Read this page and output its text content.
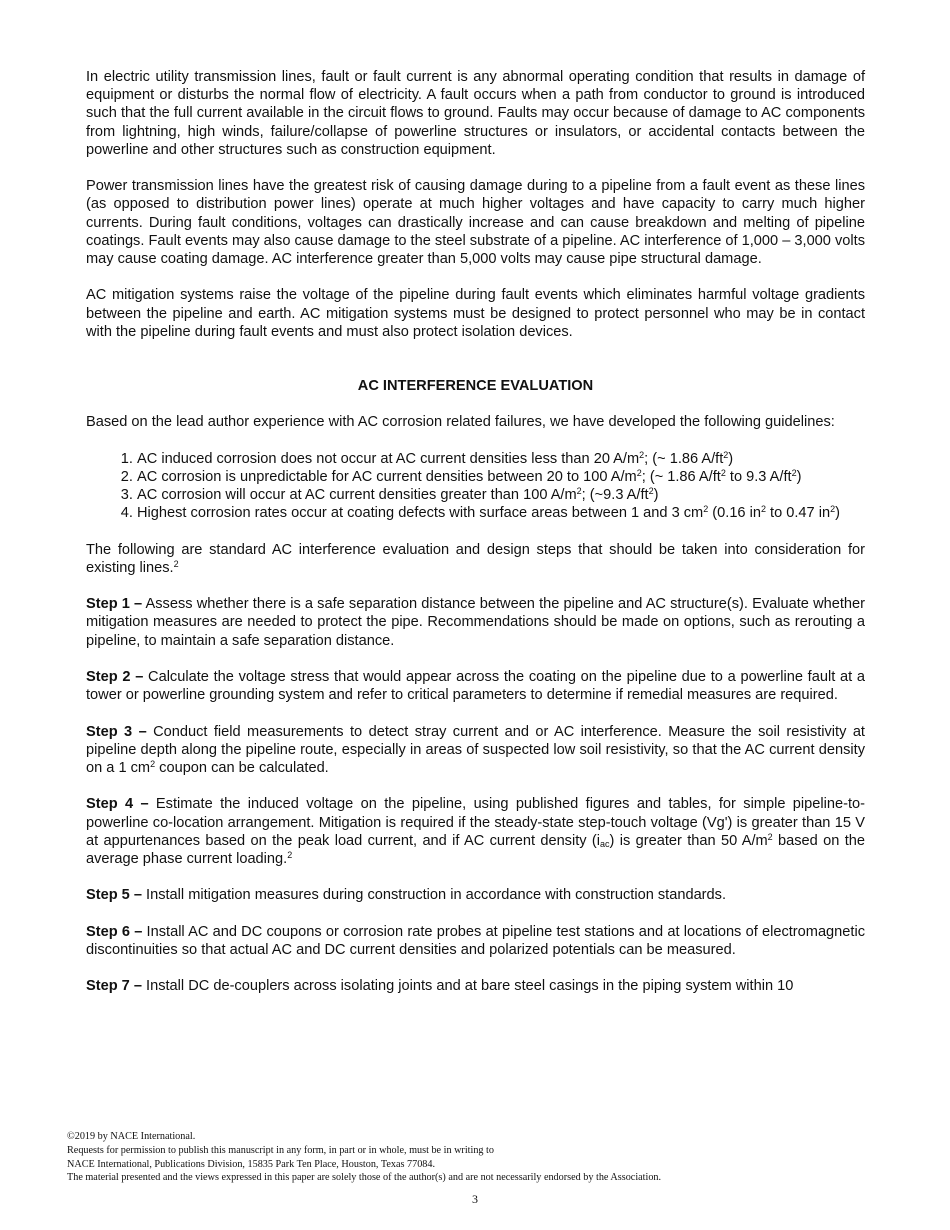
In electric utility transmission lines, fault or fault current is any abnormal operating condition that results in damage of equipment or disturbs the normal flow of electricity. A fault occurs when a path from conductor to ground is introduced such that the full current available in the circuit flows to ground. Faults may occur because of damage to AC components from lightning, high winds, failure/collapse of powerline structures or insulators, or accidental contacts between the powerline and other structures such as construction equipment.

Power transmission lines have the greatest risk of causing damage during to a pipeline from a fault event as these lines (as opposed to distribution power lines) operate at much higher voltages and have capacity to carry much higher currents. During fault conditions, voltages can drastically increase and can cause breakdown and melting of pipeline coatings. Fault events may also cause damage to the steel substrate of a pipeline. AC interference of 1,000 – 3,000 volts may cause coating damage. AC interference greater than 5,000 volts may cause pipe structural damage.

AC mitigation systems raise the voltage of the pipeline during fault events which eliminates harmful voltage gradients between the pipeline and earth. AC mitigation systems must be designed to protect personnel who may be in contact with the pipeline during fault events and must also protect isolation devices.

AC INTERFERENCE EVALUATION

Based on the lead author experience with AC corrosion related failures, we have developed the following guidelines:

1. AC induced corrosion does not occur at AC current densities less than 20 $A/m^2$; (~ 1.86 $A/ft^2$)
2. AC corrosion is unpredictable for AC current densities between 20 to 100 $A/m^2$; (~ 1.86 $A/ft^2$ to 9.3 $A/ft^2$)
3. AC corrosion will occur at AC current densities greater than 100 $A/m^2$; (~9.3 $A/ft^2$)
4. Highest corrosion rates occur at coating defects with surface areas between 1 and 3 $cm^2$ (0.16 $in^2$ to 0.47 $in^2$)

The following are standard AC interference evaluation and design steps that should be taken into consideration for existing lines.$^2$

Step 1 – Assess whether there is a safe separation distance between the pipeline and AC structure(s). Evaluate whether mitigation measures are needed to protect the pipe. Recommendations should be made on options, such as rerouting a pipeline, to maintain a safe separation distance.

Step 2 – Calculate the voltage stress that would appear across the coating on the pipeline due to a powerline fault at a tower or powerline grounding system and refer to critical parameters to determine if remedial measures are required.

Step 3 – Conduct field measurements to detect stray current and or AC interference. Measure the soil resistivity at pipeline depth along the pipeline route, especially in areas of suspected low soil resistivity, so that the AC current density on a 1 $cm^2$ coupon can be calculated.

Step 4 – Estimate the induced voltage on the pipeline, using published figures and tables, for simple pipeline-to-powerline co-location arrangement. Mitigation is required if the steady-state step-touch voltage (Vg') is greater than 15 V at appurtenances based on the peak load current, and if AC current density $(i_{ac})$ is greater than 50 $A/m^2$ based on the average phase current loading.$^2$

Step 5 – Install mitigation measures during construction in accordance with construction standards.

Step 6 – Install AC and DC coupons or corrosion rate probes at pipeline test stations and at locations of electromagnetic discontinuities so that actual AC and DC current densities and polarized potentials can be measured.

Step 7 – Install DC de-couplers across isolating joints and at bare steel casings in the piping system within 10

©2019 by NACE International.
Requests for permission to publish this manuscript in any form, in part or in whole, must be in writing to
NACE International, Publications Division, 15835 Park Ten Place, Houston, Texas 77084.
The material presented and the views expressed in this paper are solely those of the author(s) and are not necessarily endorsed by the Association.
3
